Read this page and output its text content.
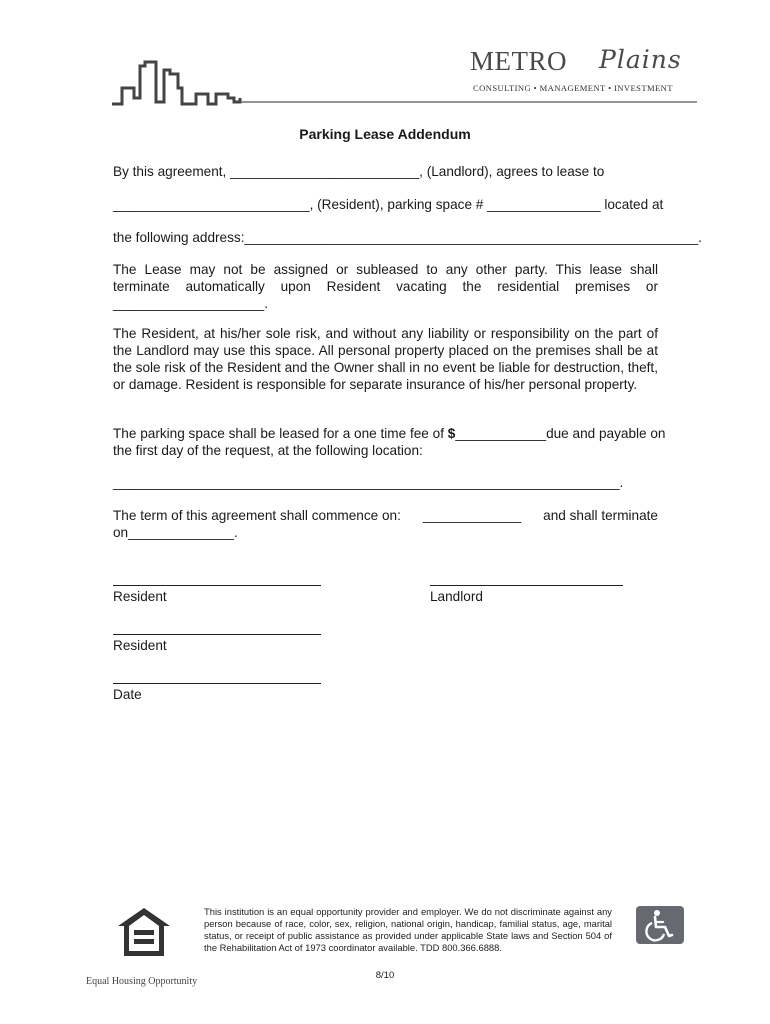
METRO Plains
CONSULTING • MANAGEMENT • INVESTMENT
Parking Lease Addendum
By this agreement, _________________________, (Landlord), agrees to lease to
__________________________, (Resident), parking space # _______________ located at
the following address:____________________________________________________________.
The Lease may not be assigned or subleased to any other party. This lease shall terminate automatically upon Resident vacating the residential premises or ____________________.
The Resident, at his/her sole risk, and without any liability or responsibility on the part of the Landlord may use this space. All personal property placed on the premises shall be at the sole risk of the Resident and the Owner shall in no event be liable for destruction, theft, or damage. Resident is responsible for separate insurance of his/her personal property.
The parking space shall be leased for a one time fee of $____________due and payable on
the first day of the request, at the following location:
___________________________________________________________________.
The term of this agreement shall commence on: _____________ and shall terminate
on______________.
Resident	Landlord
Resident
Date
Equal Housing Opportunity
This institution is an equal opportunity provider and employer. We do not discriminate against any person because of race, color, sex, religion, national origin, handicap, familial status, age, marital status, or receipt of public assistance as provided under applicable State laws and Section 504 of the Rehabilitation Act of 1973 coordinator available. TDD 800.366.6888.
8/10
